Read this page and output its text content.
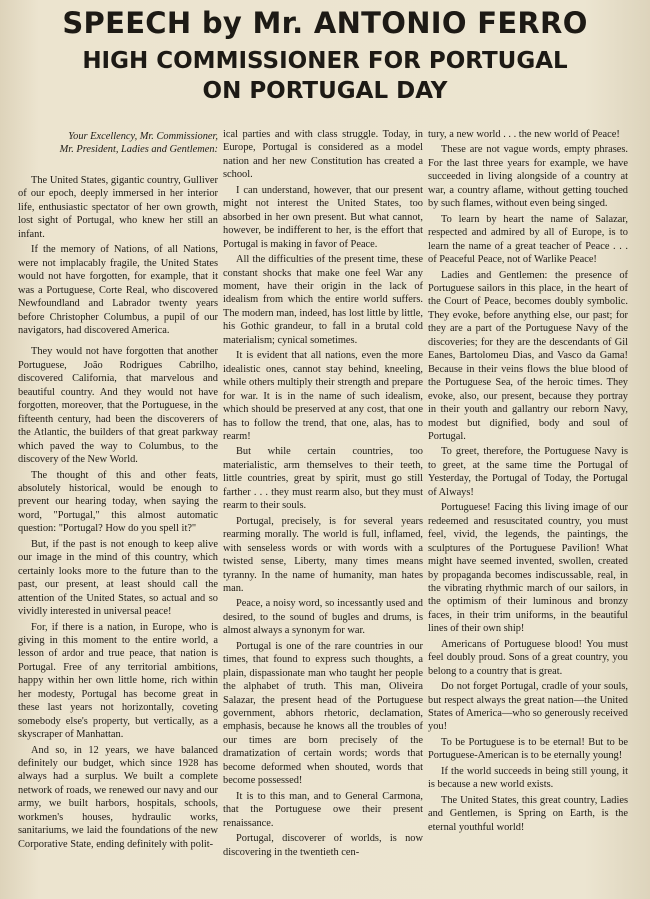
SPEECH by Mr. ANTONIO FERRO
HIGH COMMISSIONER FOR PORTUGAL
ON PORTUGAL DAY

Your Excellency, Mr. Commissioner,
Mr. President, Ladies and Gentlemen:

The United States, gigantic country, Gulliver of our epoch, deeply immersed in her interior life, enthusiastic spectator of her own growth, lost sight of Portugal, who knew her still an infant.

If the memory of Nations, of all Nations, were not implacably fragile, the United States would not have forgotten, for example, that it was a Portuguese, Corte Real, who discovered Newfoundland and Labrador twenty years before Christopher Columbus, a pupil of our navigators, had discovered America.

They would not have forgotten that another Portuguese, João Rodrigues Cabrilho, discovered California, that marvelous and beautiful country. And they would not have forgotten, moreover, that the Portuguese, in the fifteenth century, had been the discoverers of the Atlantic, the builders of that great parkway which paved the way to Columbus, to the discovery of the New World.

The thought of this and other feats, absolutely historical, would be enough to prevent our hearing today, when saying the word, "Portugal," this almost automatic question: "Portugal? How do you spell it?"

But, if the past is not enough to keep alive our image in the mind of this country, which certainly looks more to the future than to the past, our present, at least should call the attention of the United States, so actual and so vividly interested in universal peace!

For, if there is a nation, in Europe, who is giving in this moment to the entire world, a lesson of ardor and true peace, that nation is Portugal. Free of any territorial ambitions, happy within her own little home, rich within her modesty, Portugal has become great in these last years not horizontally, coveting somebody else's property, but vertically, as a skyscraper of Manhattan.

And so, in 12 years, we have balanced definitely our budget, which since 1928 has always had a surplus. We built a complete network of roads, we renewed our navy and our army, we built harbors, hospitals, schools, workmen's houses, hydraulic works, sanitariums, we laid the foundations of the new Corporative State, ending definitely with polit-

ical parties and with class struggle. Today, in Europe, Portugal is considered as a model nation and her new Constitution has created a school.

I can understand, however, that our present might not interest the United States, too absorbed in her own present. But what cannot, however, be indifferent to her, is the effort that Portugal is making in favor of Peace.

All the difficulties of the present time, these constant shocks that make one feel War any moment, have their origin in the lack of idealism from which the entire world suffers. The modern man, indeed, has lost little by little, his Gothic grandeur, to fall in a brutal cold materialism; cynical sometimes.

It is evident that all nations, even the more idealistic ones, cannot stay behind, kneeling, while others multiply their strength and prepare for war. It is in the name of such idealism, which should be preserved at any cost, that one has to follow the trend, that one, alas, has to rearm!

But while certain countries, too materialistic, arm themselves to their teeth, little countries, great by spirit, must go still farther . . . they must rearm also, but they must rearm to their souls.

Portugal, precisely, is for several years rearming morally. The world is full, inflamed, with senseless words or with words with a twisted sense, Liberty, many times means tyranny. In the name of humanity, man hates man.

Peace, a noisy word, so incessantly used and desired, to the sound of bugles and drums, is almost always a synonym for war.

Portugal is one of the rare countries in our times, that found to express such thoughts, a plain, dispassionate man who taught her people the alphabet of truth. This man, Oliveira Salazar, the present head of the Portuguese government, abhors rhetoric, declamation, emphasis, because he knows all the troubles of our times are born precisely of the dramatization of certain words; words that become deformed when shouted, words that become possessed!

It is to this man, and to General Carmona, that the Portuguese owe their present renaissance.

Portugal, discoverer of worlds, is now discovering in the twentieth cen-

tury, a new world . . . the new world of Peace!

These are not vague words, empty phrases. For the last three years for example, we have succeeded in living alongside of a country at war, a country aflame, without getting touched by such flames, without even being singed.

To learn by heart the name of Salazar, respected and admired by all of Europe, is to learn the name of a great teacher of Peace . . . of Peaceful Peace, not of Warlike Peace!

Ladies and Gentlemen: the presence of Portuguese sailors in this place, in the heart of the Court of Peace, becomes doubly symbolic. They evoke, before anything else, our past; for they are a part of the Portuguese Navy of the discoveries; for they are the descendants of Gil Eanes, Bartolomeu Dias, and Vasco da Gama! Because in their veins flows the blue blood of the Portuguese Sea, of the heroic times. They evoke, also, our present, because they portray in their youth and gallantry our reborn Navy, modest but dignified, body and soul of Portugal.

To greet, therefore, the Portuguese Navy is to greet, at the same time the Portugal of Yesterday, the Portugal of Today, the Portugal of Always!

Portuguese! Facing this living image of our redeemed and resuscitated country, you must feel, vivid, the legends, the paintings, the sculptures of the Portuguese Pavilion! What might have seemed invented, swollen, created by propaganda becomes indiscussable, real, in the vibrating rhythmic march of our sailors, in the optimism of their luminous and bronzy faces, in their trim uniforms, in the beautiful lines of their own ship!

Americans of Portuguese blood! You must feel doubly proud. Sons of a great country, you belong to a country that is great.

Do not forget Portugal, cradle of your souls, but respect always the great nation—the United States of America—who so generously received you!

To be Portuguese is to be eternal! But to be Portuguese-American is to be eternally young!

If the world succeeds in being still young, it is because a new world exists.

The United States, this great country, Ladies and Gentlemen, is Spring on Earth, is the eternal youthful world!
